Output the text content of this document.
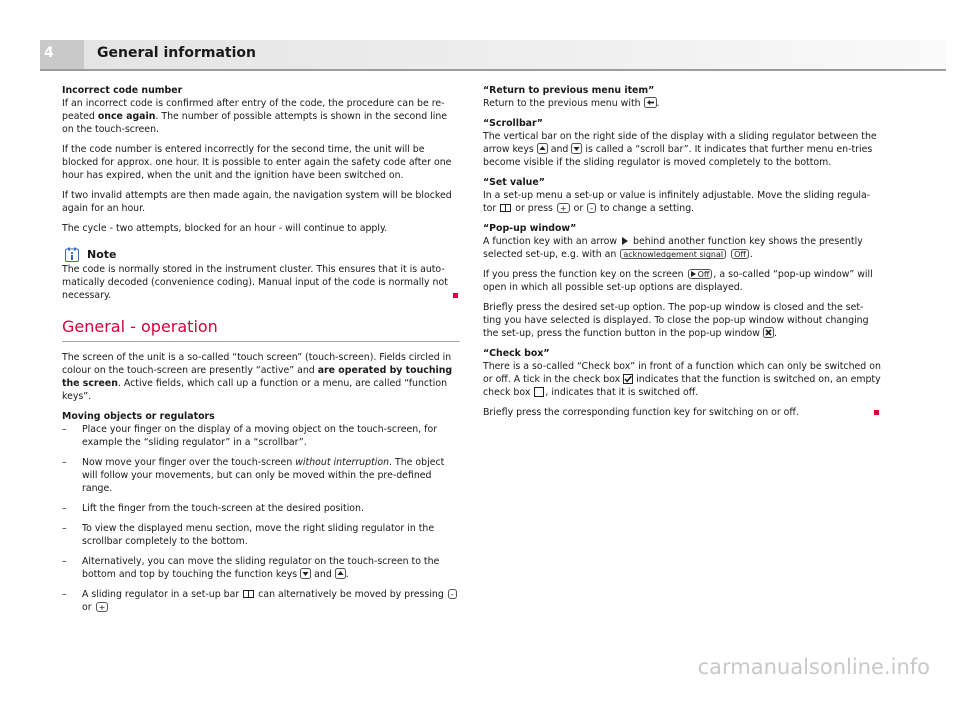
4	General information

Incorrect code number

If an incorrect code is confirmed after entry of the code, the procedure can be re-peated once again. The number of possible attempts is shown in the second line on the touch-screen.

If the code number is entered incorrectly for the second time, the unit will be blocked for approx. one hour. It is possible to enter again the safety code after one hour has expired, when the unit and the ignition have been switched on.

If two invalid attempts are then made again, the navigation system will be blocked again for an hour.

The cycle - two attempts, blocked for an hour - will continue to apply.

Note

The code is normally stored in the instrument cluster. This ensures that it is auto-matically decoded (convenience coding). Manual input of the code is normally not necessary.

General - operation

The screen of the unit is a so-called “touch screen” (touch-screen). Fields circled in colour on the touch-screen are presently “active” and are operated by touching the screen. Active fields, which call up a function or a menu, are called “function keys”.

Moving objects or regulators

– Place your finger on the display of a moving object on the touch-screen, for example the “sliding regulator” in a “scrollbar”.
– Now move your finger over the touch-screen without interruption. The object will follow your movements, but can only be moved within the pre-defined range.
– Lift the finger from the touch-screen at the desired position.
– To view the displayed menu section, move the right sliding regulator in the scrollbar completely to the bottom.
– Alternatively, you can move the sliding regulator on the touch-screen to the bottom and top by touching the function keys  and .
– A sliding regulator in a set-up bar  can alternatively be moved by pressing - or +

“Return to previous menu item”

Return to the previous menu with .

“Scrollbar”

The vertical bar on the right side of the display with a sliding regulator between the arrow keys  and  is called a “scroll bar”. It indicates that further menu en-tries become visible if the sliding regulator is moved completely to the bottom.

“Set value”

In a set-up menu a set-up or value is infinitely adjustable. Move the sliding regula-tor  or press + or - to change a setting.

“Pop-up window”

A function key with an arrow  behind another function key shows the presently selected set-up, e.g. with an acknowledgement signal Off .

If you press the function key on the screen Off , a so-called “pop-up window” will open in which all possible set-up options are displayed.

Briefly press the desired set-up option. The pop-up window is closed and the set-ting you have selected is displayed. To close the pop-up window without changing the set-up, press the function button in the pop-up window .

“Check box”

There is a so-called “Check box” in front of a function which can only be switched on or off. A tick in the check box  indicates that the function is switched on, an empty check box , indicates that it is switched off.

Briefly press the corresponding function key for switching on or off.

carmanualsonline.info
